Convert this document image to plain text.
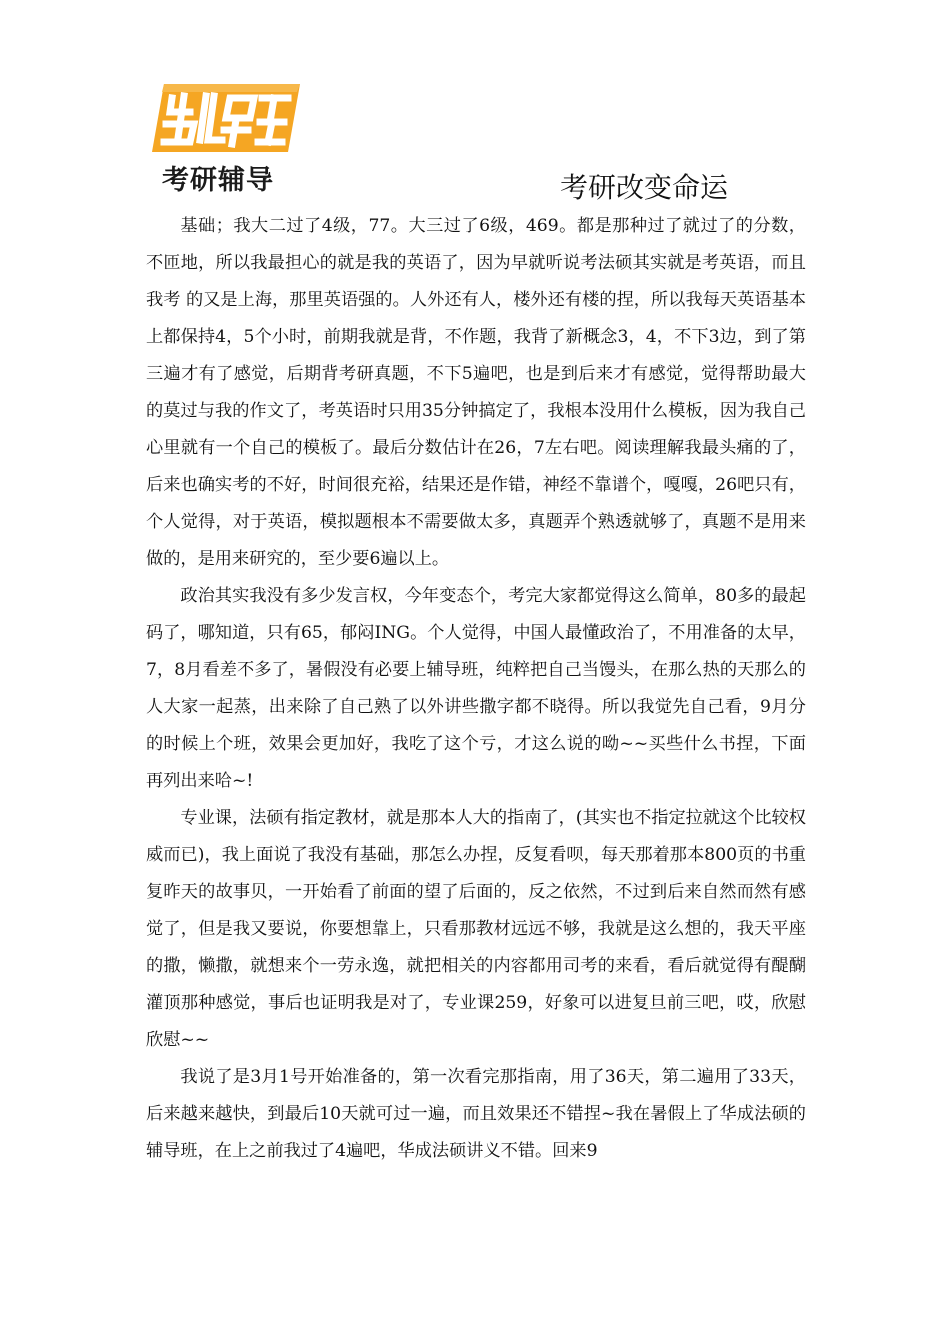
考研辅导	考研改变命运

基础；我大二过了4级，77。大三过了6级，469。都是那种过了就过了的分数，不匝地，所以我最担心的就是我的英语了，因为早就听说考法硕其实就是考英语，而且我考 的又是上海，那里英语强的。人外还有人，楼外还有楼的捏，所以我每天英语基本上都保持4，5个小时，前期我就是背，不作题，我背了新概念3，4，不下3边，到了第三遍才有了感觉，后期背考研真题，不下5遍吧，也是到后来才有感觉，觉得帮助最大的莫过与我的作文了，考英语时只用35分钟搞定了，我根本没用什么模板，因为我自己心里就有一个自己的模板了。最后分数估计在26，7左右吧。阅读理解我最头痛的了，后来也确实考的不好，时间很充裕，结果还是作错，神经不靠谱个，嘎嘎，26吧只有，个人觉得，对于英语，模拟题根本不需要做太多，真题弄个熟透就够了，真题不是用来做的，是用来研究的，至少要6遍以上。

政治其实我没有多少发言权，今年变态个，考完大家都觉得这么简单，80多的最起码了，哪知道，只有65，郁闷ING。个人觉得，中国人最懂政治了，不用准备的太早，7，8月看差不多了，暑假没有必要上辅导班，纯粹把自己当馒头，在那么热的天那么的人大家一起蒸，出来除了自己熟了以外讲些撒字都不晓得。所以我觉先自己看，9月分的时候上个班，效果会更加好，我吃了这个亏，才这么说的呦~~买些什么书捏，下面再列出来哈~!

专业课，法硕有指定教材，就是那本人大的指南了，(其实也不指定拉就这个比较权威而已)，我上面说了我没有基础，那怎么办捏，反复看呗，每天那着那本800页的书重复昨天的故事贝，一开始看了前面的望了后面的，反之依然，不过到后来自然而然有感觉了，但是我又要说，你要想靠上，只看那教材远远不够，我就是这么想的，我天平座的撒，懒撒，就想来个一劳永逸，就把相关的内容都用司考的来看，看后就觉得有醍醐灌顶那种感觉，事后也证明我是对了，专业课259，好象可以进复旦前三吧，哎，欣慰欣慰~~

我说了是3月1号开始准备的，第一次看完那指南，用了36天，第二遍用了33天，后来越来越快，到最后10天就可过一遍，而且效果还不错捏~我在暑假上了华成法硕的辅导班，在上之前我过了4遍吧，华成法硕讲义不错。回来9
